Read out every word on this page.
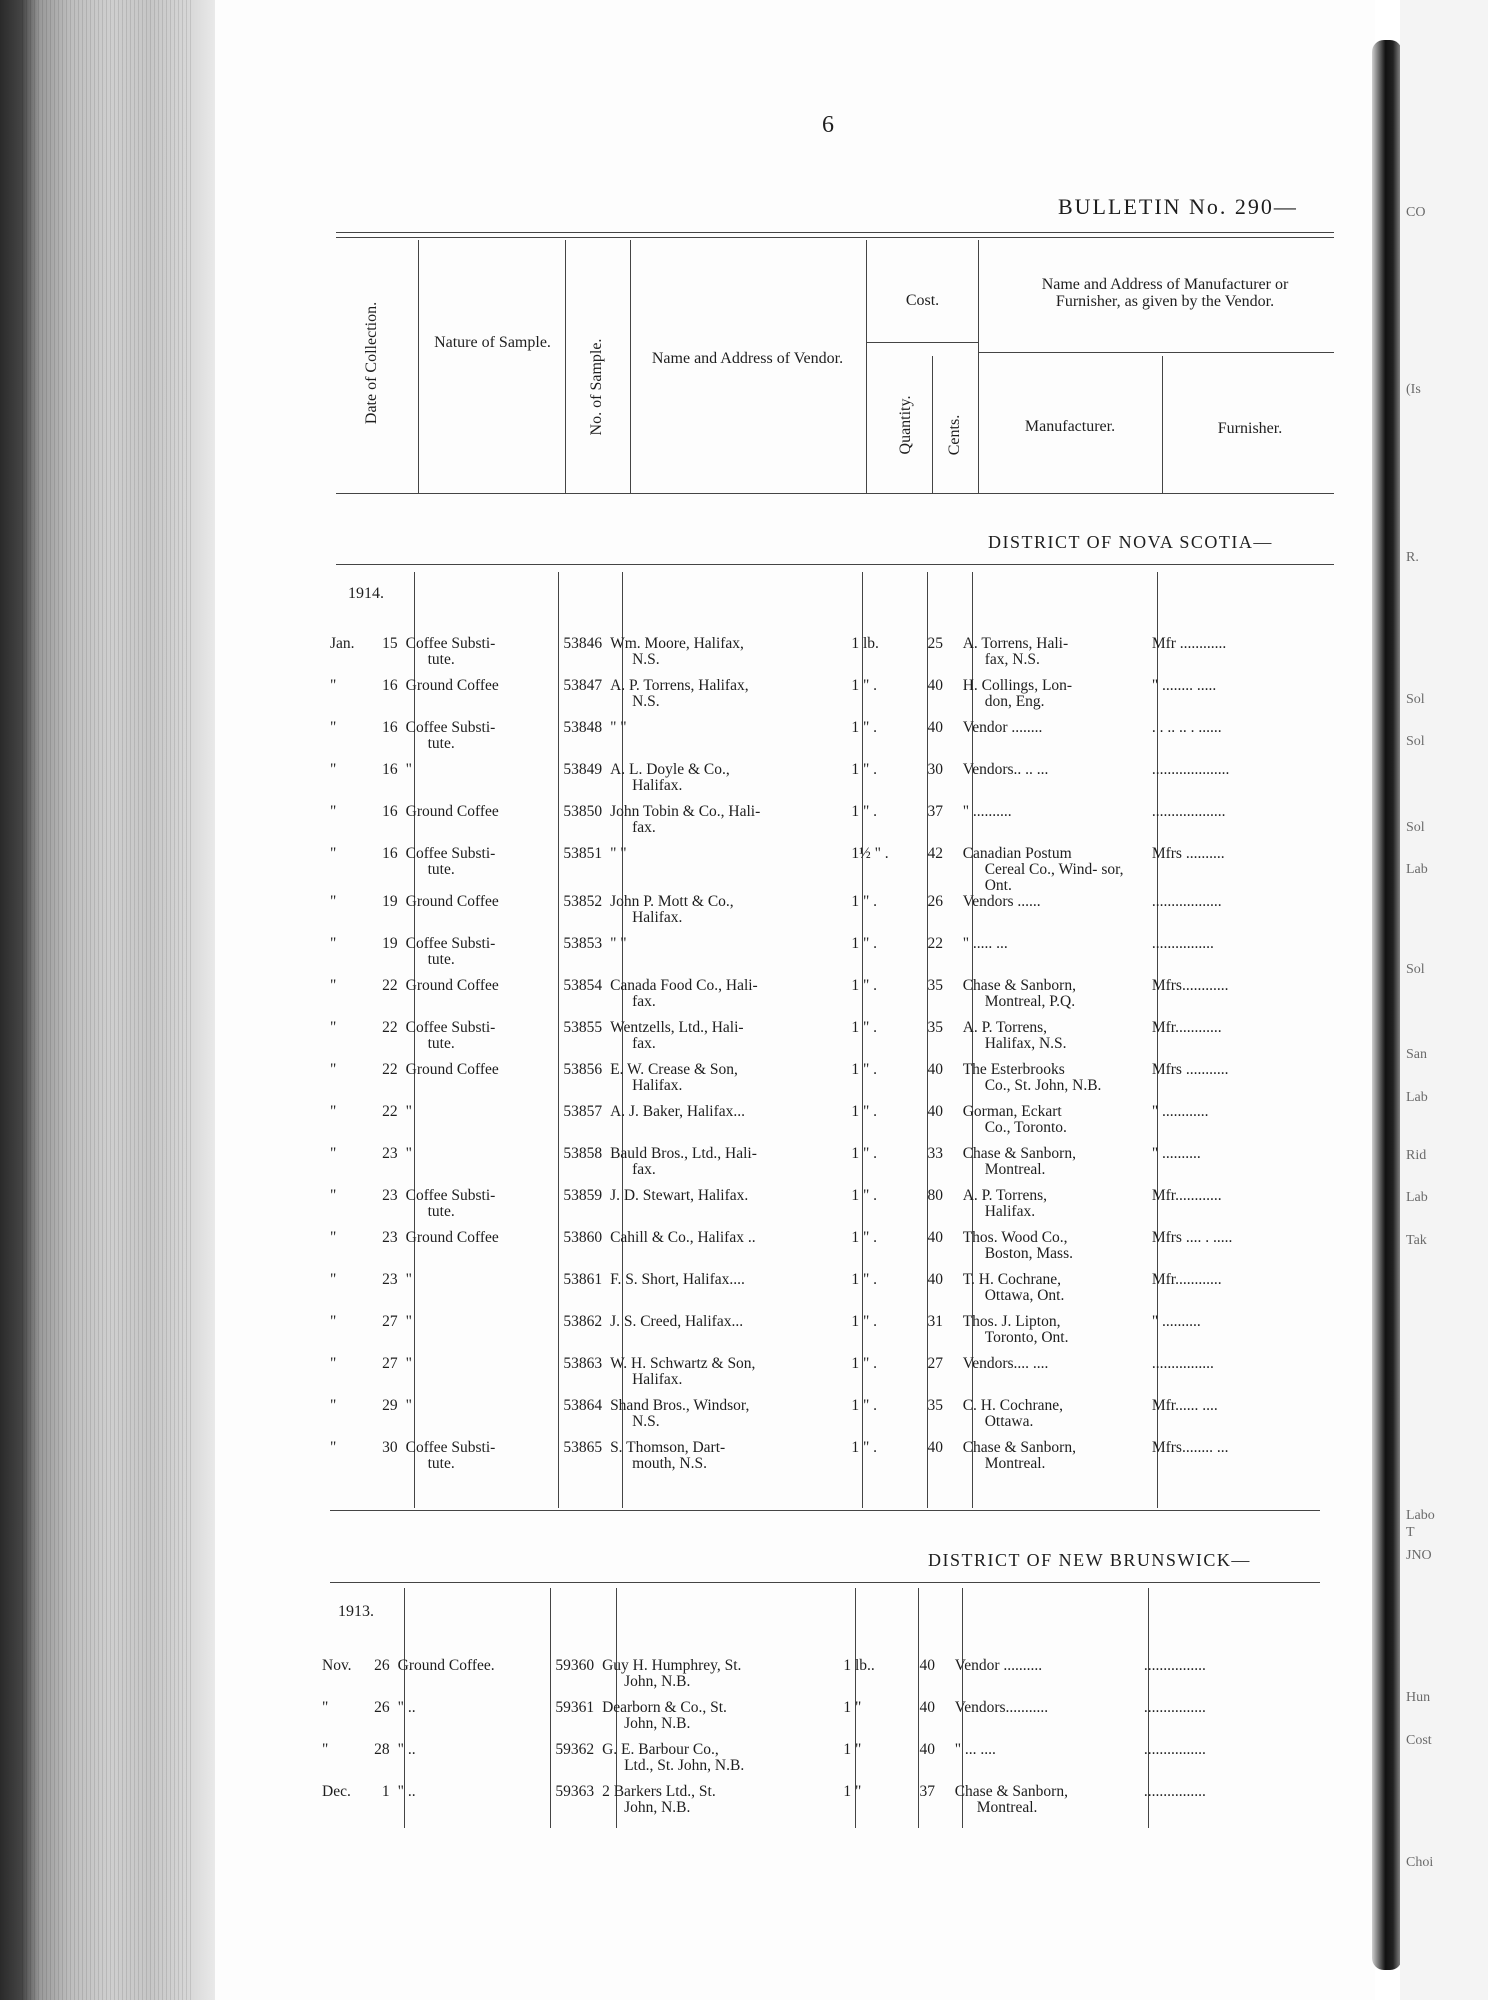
CO
(Is
R.
Sol
Sol
Sol
Lab
Sol
San
Lab
Rid
Lab
Tak
Labo
T
JNO
Hun
Cost
Choi
6
BULLETIN No. 290—
Date of Collection.	Nature of Sample.	No. of Sample.	Name and Address of Vendor.
Cost.
Quantity. Cents.
Name and Address of Manufacturer or Furnisher, as given by the Vendor.
Manufacturer.	Furnisher.
DISTRICT OF NOVA SCOTIA—
1914.
Jan.	15	Coffee Substi-
tute.	53846	Wm. Moore, Halifax,
N.S.	1 lb.	25	A. Torrens, Hali-
fax, N.S.	Mfr ............
"	16	Ground Coffee	53847	A. P. Torrens, Halifax,
N.S.	1 " .	40	H. Collings, Lon-
don, Eng.	" ........ .....
"	16	Coffee Substi-
tute.	53848	" "	1 " .	40	Vendor ........	. . .. .. . ......
"	16	"	53849	A. L. Doyle & Co.,
Halifax.	1 " .	30	Vendors.. .. ...	....................
"	16	Ground Coffee	53850	John Tobin & Co., Hali-
fax.	1 " .	37	" ..........	...................
"	16	Coffee Substi-
tute.	53851	" "	1½ " .	42	Canadian Postum
Cereal Co., Wind- sor, Ont.	Mfrs ..........
"	19	Ground Coffee	53852	John P. Mott & Co.,
Halifax.	1 " .	26	Vendors ......	..................
"	19	Coffee Substi-
tute.	53853	" "	1 " .	22	" ..... ...	................
"	22	Ground Coffee	53854	Canada Food Co., Hali-
fax.	1 " .	35	Chase & Sanborn,
Montreal, P.Q.	Mfrs............
"	22	Coffee Substi-
tute.	53855	Wentzells, Ltd., Hali-
fax.	1 " .	35	A. P. Torrens,
Halifax, N.S.	Mfr............
"	22	Ground Coffee	53856	E. W. Crease & Son,
Halifax.	1 " .	40	The Esterbrooks
Co., St. John, N.B.	Mfrs ...........
"	22	"	53857	A. J. Baker, Halifax...	1 " .	40	Gorman, Eckart
Co., Toronto.	" ............
"	23	"	53858	Bauld Bros., Ltd., Hali-
fax.	1 " .	33	Chase & Sanborn,
Montreal.	" ..........
"	23	Coffee Substi-
tute.	53859	J. D. Stewart, Halifax.	1 " .	80	A. P. Torrens,
Halifax.	Mfr............
"	23	Ground Coffee	53860	Cahill & Co., Halifax ..	1 " .	40	Thos. Wood Co.,
Boston, Mass.	Mfrs .... . .....
"	23	"	53861	F. S. Short, Halifax....	1 " .	40	T. H. Cochrane,
Ottawa, Ont.	Mfr............
"	27	"	53862	J. S. Creed, Halifax...	1 " .	31	Thos. J. Lipton,
Toronto, Ont.	" ..........
"	27	"	53863	W. H. Schwartz & Son,
Halifax.	1 " .	27	Vendors.... ....	................
"	29	"	53864	Shand Bros., Windsor,
N.S.	1 " .	35	C. H. Cochrane,
Ottawa.	Mfr...... ....
"	30	Coffee Substi-
tute.	53865	S. Thomson, Dart-
mouth, N.S.	1 " .	40	Chase & Sanborn,
Montreal.	Mfrs........ ...
DISTRICT OF NEW BRUNSWICK—
1913.
Nov.	26	Ground Coffee.	59360	Guy H. Humphrey, St.
John, N.B.	1 lb..	40	Vendor ..........	................
"	26	" ..	59361	Dearborn & Co., St.
John, N.B.	1 "	40	Vendors...........	................
"	28	" ..	59362	G. E. Barbour Co.,
Ltd., St. John, N.B.	1 "	40	" ... ....	................
Dec.	1	" ..	59363	2 Barkers Ltd., St.
John, N.B.	1 "	37	Chase & Sanborn,
Montreal.	................
